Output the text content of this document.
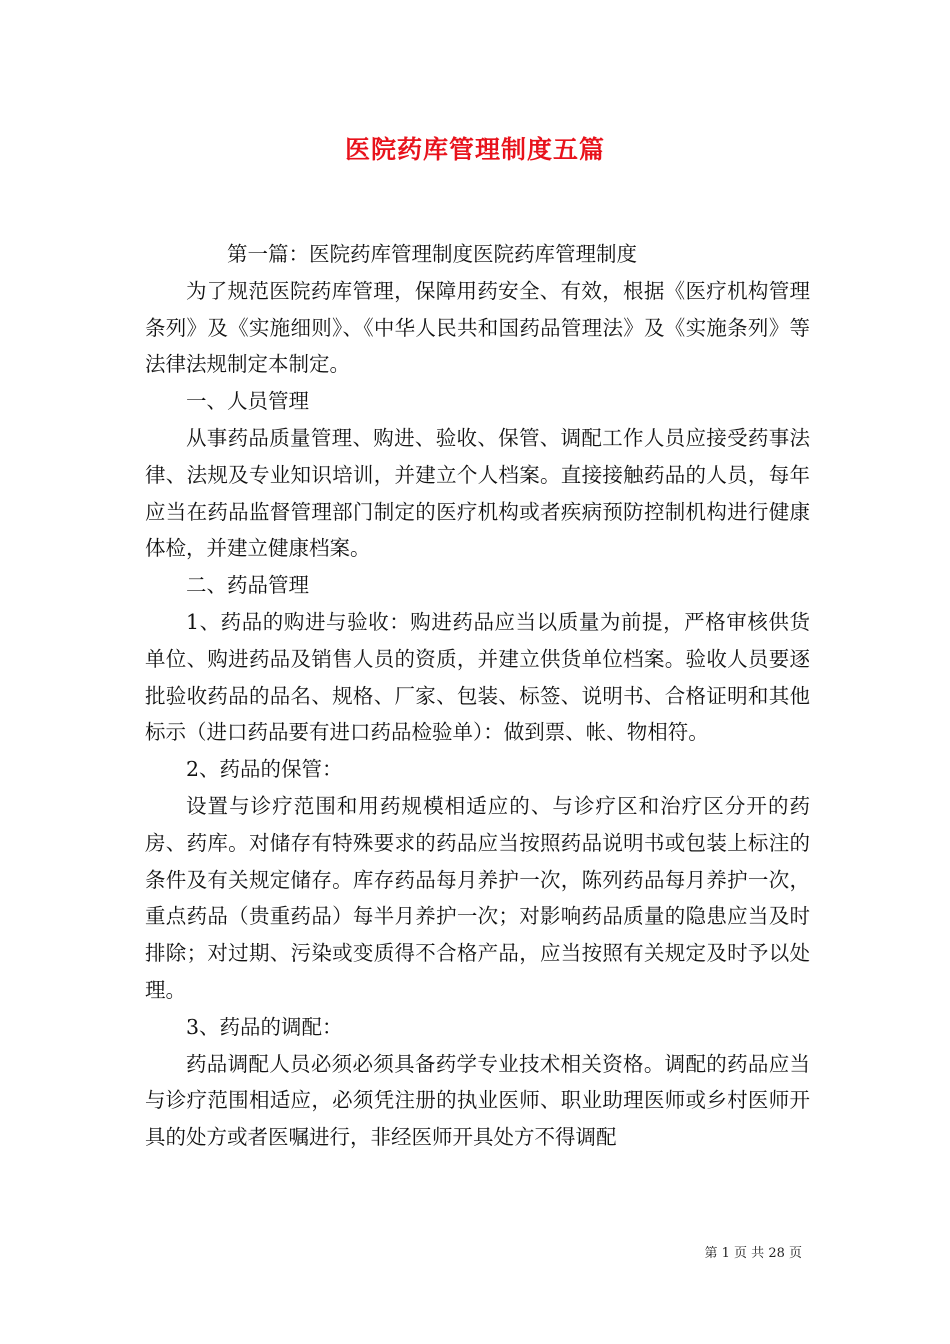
医院药库管理制度五篇

第一篇：医院药库管理制度医院药库管理制度

为了规范医院药库管理，保障用药安全、有效，根据《医疗机构管理条列》及《实施细则》、《中华人民共和国药品管理法》及《实施条列》等法律法规制定本制定。

一、人员管理

从事药品质量管理、购进、验收、保管、调配工作人员应接受药事法律、法规及专业知识培训，并建立个人档案。直接接触药品的人员，每年应当在药品监督管理部门制定的医疗机构或者疾病预防控制机构进行健康体检，并建立健康档案。

二、药品管理

1、药品的购进与验收：购进药品应当以质量为前提，严格审核供货单位、购进药品及销售人员的资质，并建立供货单位档案。验收人员要逐批验收药品的品名、规格、厂家、包装、标签、说明书、合格证明和其他标示（进口药品要有进口药品检验单）：做到票、帐、物相符。

2、药品的保管：

设置与诊疗范围和用药规模相适应的、与诊疗区和治疗区分开的药房、药库。对储存有特殊要求的药品应当按照药品说明书或包装上标注的条件及有关规定储存。库存药品每月养护一次，陈列药品每月养护一次，重点药品（贵重药品）每半月养护一次；对影响药品质量的隐患应当及时排除；对过期、污染或变质得不合格产品，应当按照有关规定及时予以处理。

3、药品的调配：

药品调配人员必须必须具备药学专业技术相关资格。调配的药品应当与诊疗范围相适应，必须凭注册的执业医师、职业助理医师或乡村医师开具的处方或者医嘱进行，非经医师开具处方不得调配

第 1 页 共 28 页
